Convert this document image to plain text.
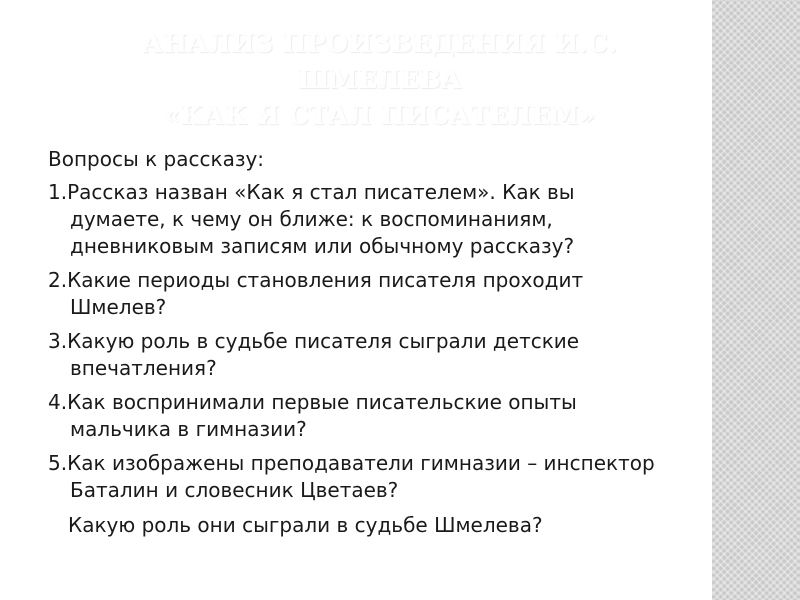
АНАЛИЗ ПРОИЗВЕДЕНИЯ И.С.
ШМЕЛЕВА
«КАК Я СТАЛ ПИСАТЕЛЕМ»
Вопросы к рассказу:
1.Рассказ назван «Как я стал писателем». Как вы думаете, к чему он ближе: к воспоминаниям, дневниковым записям или обычному рассказу?
2.Какие периоды становления писателя проходит Шмелев?
3.Какую роль в судьбе писателя сыграли детские впечатления?
4.Как воспринимали первые писательские опыты мальчика в гимназии?
5.Как изображены преподаватели гимназии – инспектор Баталин и словесник Цветаев?
Какую роль они сыграли в судьбе Шмелева?
